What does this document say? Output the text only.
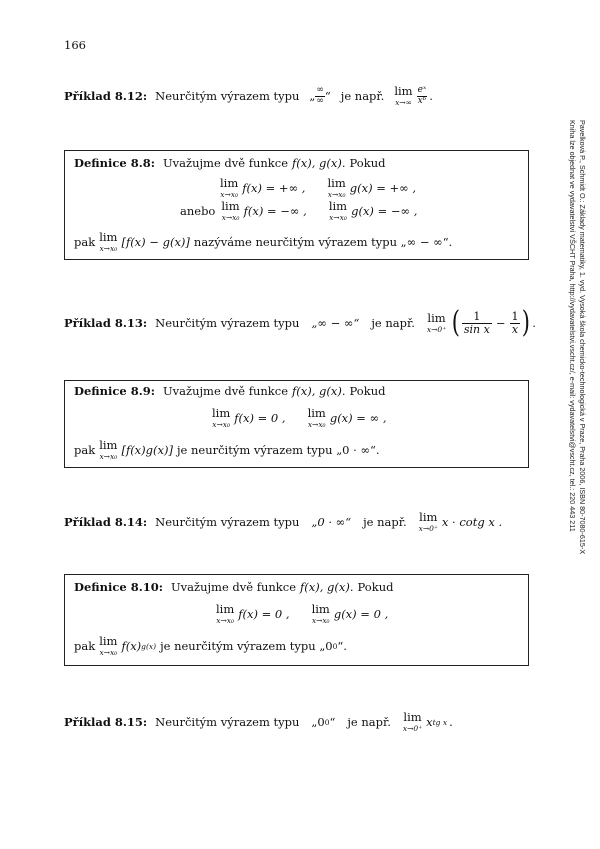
166
Pavelková P., Schmidt O.: Základy matematiky, 1. vyd. Vysoká škola chemicko-technologická v Praze, Praha 2006, ISBN 80-7080-615-X
Kniha lze objednat ve vydavatelství VŠCHT Praha, http://vydavatelstvi.vscht.cz/, e-mail: vydavatelstvi@vscht.cz, tel.: 220 443 211
Příklad 8.12: Neurčitým výrazem typu „ $\frac{\infty}{\infty}$ “ je např. lim
$x\to\infty \frac{\text{eˣ}}{\text{xᵇ}}$ .
Definice 8.8: Uvažujme dvě funkce f(x), g(x). Pokud
lim
x→x₀ f(x) = +∞ , lim
x→x₀ g(x) = +∞ ,
anebo lim
x→x₀ f(x) = −∞ , lim
x→x₀ g(x) = −∞ ,
pak lim
x→x₀ [f(x) − g(x)] nazýváme neurčitým výrazem typu „∞ − ∞“.
Příklad 8.13: Neurčitým výrazem typu „∞ − ∞“ je např. lim
x→0⁺ ( $\frac{1}{\text{sin x}} - \frac{1}{x}$ ) .
Definice 8.9: Uvažujme dvě funkce f(x), g(x). Pokud
lim
x→x₀ f(x) = 0 , lim
x→x₀ g(x) = ∞ ,
pak lim
x→x₀ [f(x)g(x)] je neurčitým výrazem typu „0 · ∞“.
Příklad 8.14: Neurčitým výrazem typu „0 · ∞“ je např. lim
x→0⁺ x · cotg x .
Definice 8.10: Uvažujme dvě funkce f(x), g(x). Pokud
lim
x→x₀ f(x) = 0 , lim
x→x₀ g(x) = 0 ,
pak lim
x→x₀ f(x) g(x) je neurčitým výrazem typu „0 0 “.
Příklad 8.15: Neurčitým výrazem typu „0 0 “ je např. lim
x→0⁺ x tg x .
